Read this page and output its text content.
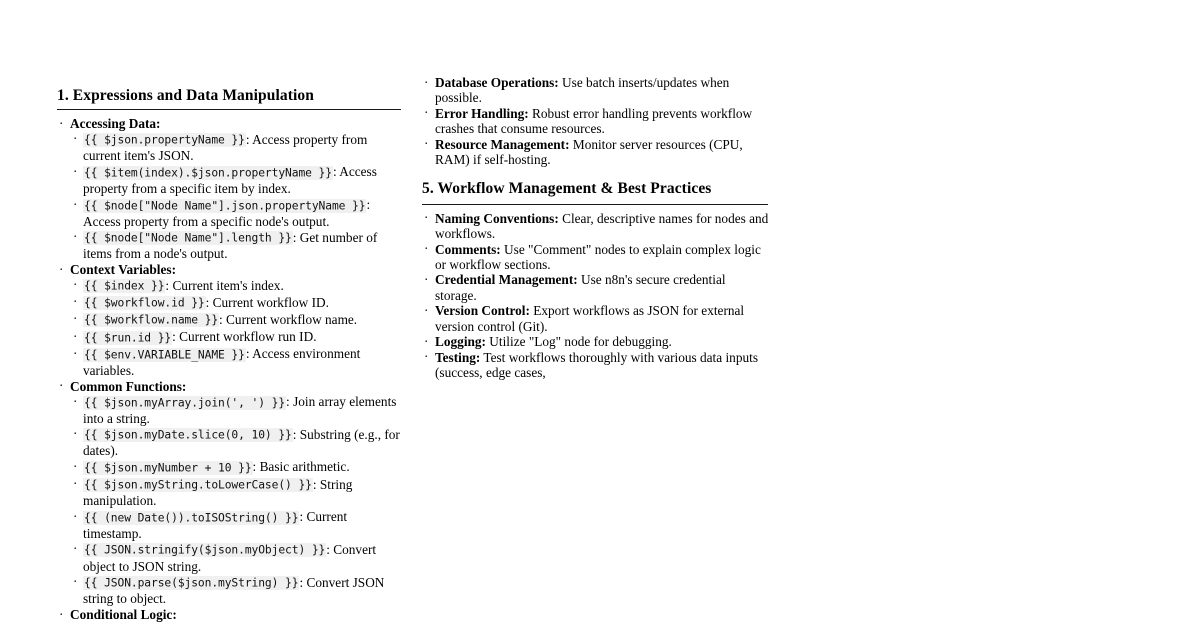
1. Expressions and Data Manipulation
· Accessing Data:
· {{ $json.propertyName }}: Access property from current item's JSON.
· {{ $item(index).$json.propertyName }}: Access property from a specific item by index.
· {{ $node["Node Name"].json.propertyName }}: Access property from a specific node's output.
· {{ $node["Node Name"].length }}: Get number of items from a node's output.
· Context Variables:
· {{ $index }}: Current item's index.
· {{ $workflow.id }}: Current workflow ID.
· {{ $workflow.name }}: Current workflow name.
· {{ $run.id }}: Current workflow run ID.
· {{ $env.VARIABLE_NAME }}: Access environment variables.
· Common Functions:
· {{ $json.myArray.join(', ') }}: Join array elements into a string.
· {{ $json.myDate.slice(0, 10) }}: Substring (e.g., for dates).
· {{ $json.myNumber + 10 }}: Basic arithmetic.
· {{ $json.myString.toLowerCase() }}: String manipulation.
· {{ (new Date()).toISOString() }}: Current timestamp.
· {{ JSON.stringify($json.myObject) }}: Convert object to JSON string.
· {{ JSON.parse($json.myString) }}: Convert JSON string to object.
· Conditional Logic:
· Database Operations: Use batch inserts/updates when possible.
· Error Handling: Robust error handling prevents workflow crashes that consume resources.
· Resource Management: Monitor server resources (CPU, RAM) if self-hosting.
5. Workflow Management & Best Practices
· Naming Conventions: Clear, descriptive names for nodes and workflows.
· Comments: Use "Comment" nodes to explain complex logic or workflow sections.
· Credential Management: Use n8n's secure credential storage.
· Version Control: Export workflows as JSON for external version control (Git).
· Logging: Utilize "Log" node for debugging.
· Testing: Test workflows thoroughly with various data inputs (success, edge cases,
